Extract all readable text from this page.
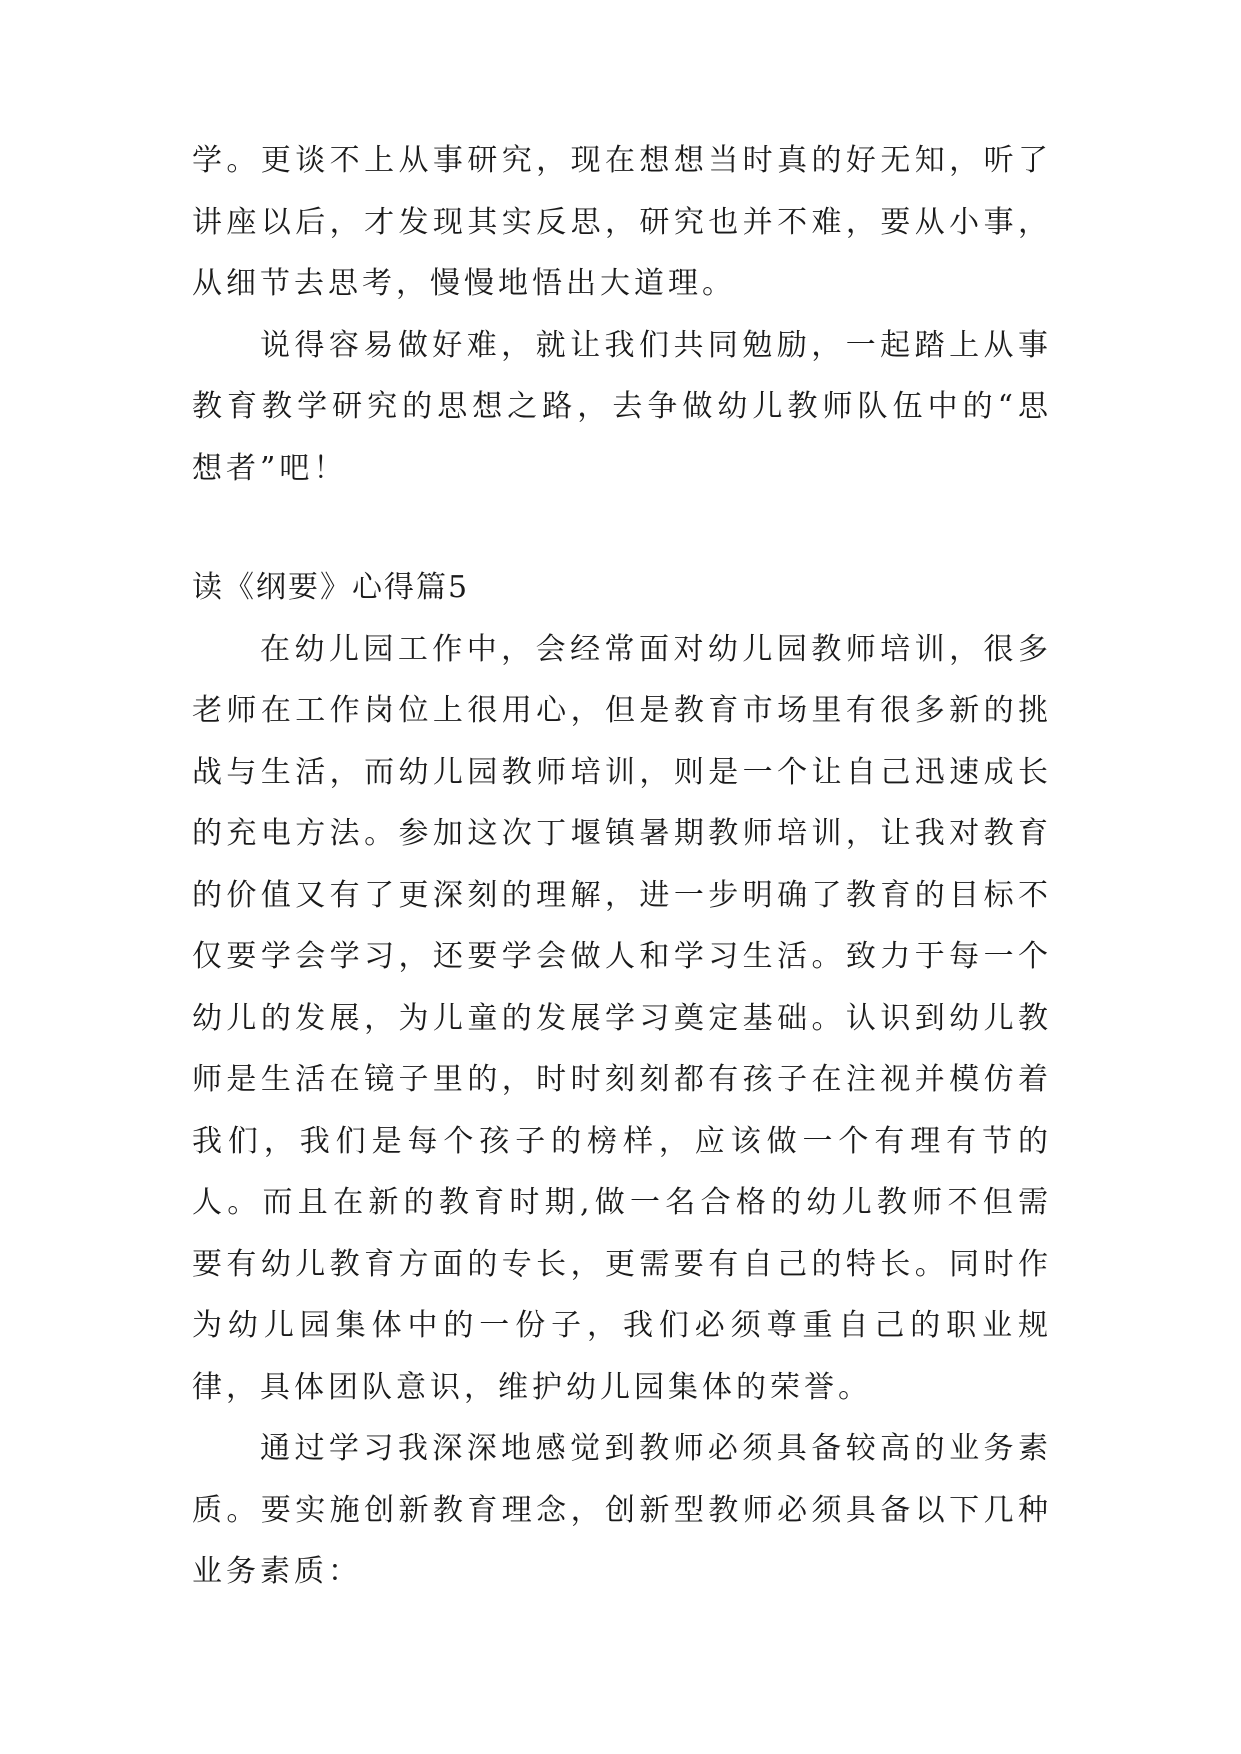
学。更谈不上从事研究，现在想想当时真的好无知，听了讲座以后，才发现其实反思，研究也并不难，要从小事，从细节去思考，慢慢地悟出大道理。

说得容易做好难，就让我们共同勉励，一起踏上从事教育教学研究的思想之路，去争做幼儿教师队伍中的“思想者”吧！

读《纲要》心得篇5

在幼儿园工作中，会经常面对幼儿园教师培训，很多老师在工作岗位上很用心，但是教育市场里有很多新的挑战与生活，而幼儿园教师培训，则是一个让自己迅速成长的充电方法。参加这次丁堰镇暑期教师培训，让我对教育的价值又有了更深刻的理解，进一步明确了教育的目标不仅要学会学习，还要学会做人和学习生活。致力于每一个幼儿的发展，为儿童的发展学习奠定基础。认识到幼儿教师是生活在镜子里的，时时刻刻都有孩子在注视并模仿着我们，我们是每个孩子的榜样，应该做一个有理有节的人。而且在新的教育时期,做一名合格的幼儿教师不但需要有幼儿教育方面的专长，更需要有自己的特长。同时作为幼儿园集体中的一份子，我们必须尊重自己的职业规律，具体团队意识，维护幼儿园集体的荣誉。

通过学习我深深地感觉到教师必须具备较高的业务素质。要实施创新教育理念，创新型教师必须具备以下几种业务素质：
